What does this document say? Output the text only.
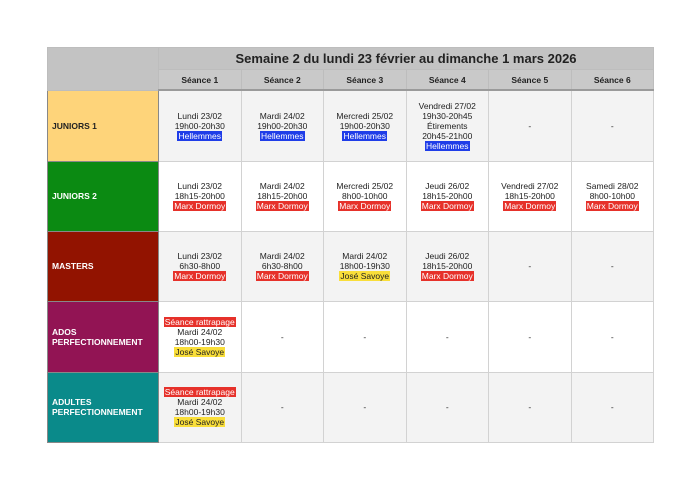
	Semaine 2 du lundi 23 février au dimanche 1 mars 2026					
	Séance 1	Séance 2	Séance 3	Séance 4	Séance 5	Séance 6
JUNIORS 1	Lundi 23/02
19h00-20h30
Hellemmes	Mardi 24/02
19h00-20h30
Hellemmes	Mercredi 25/02
19h00-20h30
Hellemmes	Vendredi 27/02
19h30-20h45
Étirements
20h45-21h00
Hellemmes	-	-
JUNIORS 2	Lundi 23/02
18h15-20h00
Marx Dormoy	Mardi 24/02
18h15-20h00
Marx Dormoy	Mercredi 25/02
8h00-10h00
Marx Dormoy	Jeudi 26/02
18h15-20h00
Marx Dormoy	Vendredi 27/02
18h15-20h00
Marx Dormoy	Samedi 28/02
8h00-10h00
Marx Dormoy
MASTERS	Lundi 23/02
6h30-8h00
Marx Dormoy	Mardi 24/02
6h30-8h00
Marx Dormoy	Mardi 24/02
18h00-19h30
José Savoye	Jeudi 26/02
18h15-20h00
Marx Dormoy	-	-

ADOS
PERFECTIONNEMENT	Séance rattrapage
Mardi 24/02
18h00-19h30
José Savoye	-	-	-	-	-

ADULTES
PERFECTIONNEMENT	Séance rattrapage
Mardi 24/02
18h00-19h30
José Savoye	-	-	-	-	-
